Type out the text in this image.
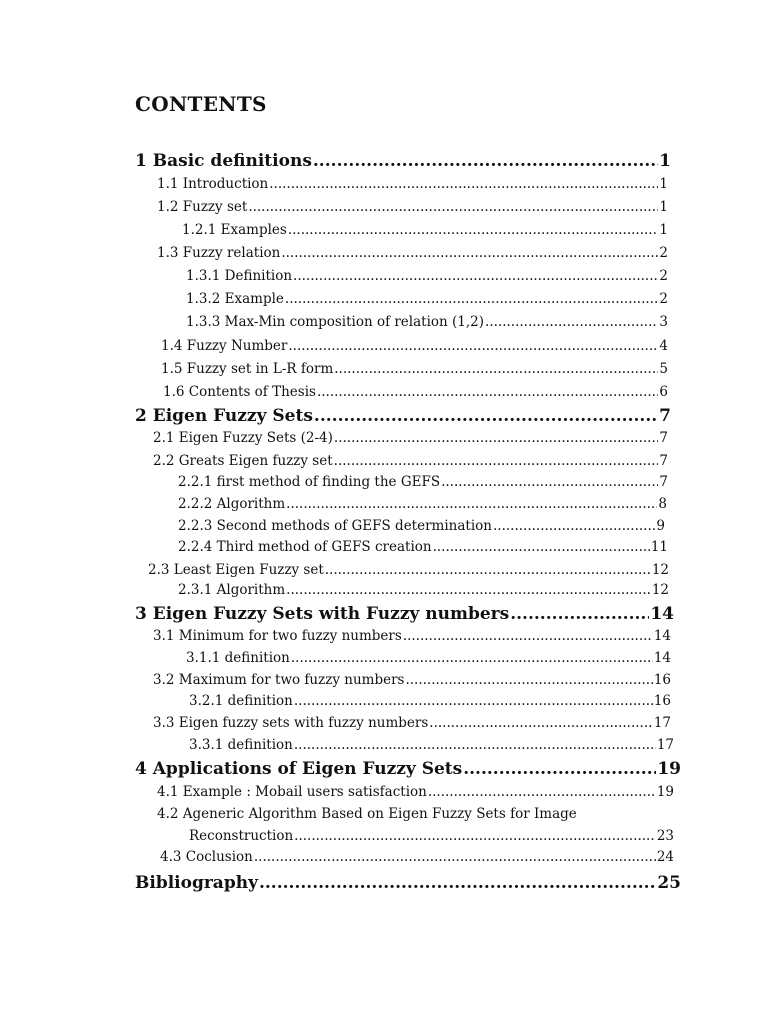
CONTENTS
1 Basic definitions .....	1
1.1 Introduction .....	1
1.2 Fuzzy set .....	1
1.2.1 Examples .....	1
1.3 Fuzzy relation .....	2
1.3.1 Definition .....	2
1.3.2 Example .....	2
1.3.3 Max-Min composition of relation (1,2) .....	3
1.4 Fuzzy Number .....	4
1.5 Fuzzy set in L-R form .....	5
1.6 Contents of Thesis .....	6
2 Eigen Fuzzy Sets .....	7
2.1 Eigen Fuzzy Sets (2-4) .....	7
2.2 Greats Eigen fuzzy set .....	7
2.2.1 first method of finding the GEFS .....	7
2.2.2 Algorithm .....	8
2.2.3 Second methods of GEFS determination .....	9
2.2.4 Third method of GEFS creation .....	11
2.3 Least Eigen Fuzzy set .....	12
2.3.1 Algorithm .....	12
3 Eigen Fuzzy Sets with Fuzzy numbers .....	14
3.1 Minimum for two fuzzy numbers .....	14
3.1.1 definition .....	14
3.2 Maximum for two fuzzy numbers .....	16
3.2.1 definition .....	16
3.3 Eigen fuzzy sets with fuzzy numbers .....	17
3.3.1 definition .....	17
4 Applications of Eigen Fuzzy Sets .....	19
4.1 Example : Mobail users satisfaction .....	19
4.2 Ageneric Algorithm Based on Eigen Fuzzy Sets for Image
Reconstruction .....	23
4.3 Coclusion .....	24
Bibliography .....	25
